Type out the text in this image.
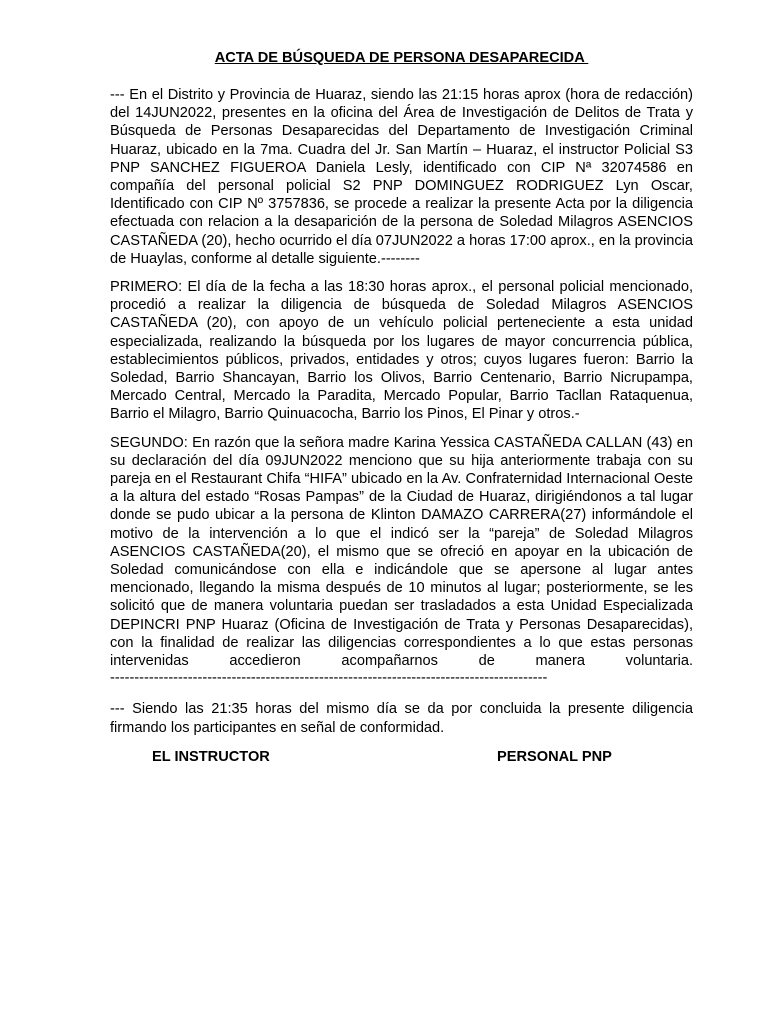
ACTA DE BÚSQUEDA DE PERSONA DESAPARECIDA

--- En el Distrito y Provincia de Huaraz, siendo las 21:15 horas aprox (hora de redacción) del 14JUN2022, presentes en la oficina del Área de Investigación de Delitos de Trata y Búsqueda de Personas Desaparecidas del Departamento de Investigación Criminal Huaraz, ubicado en la 7ma. Cuadra del Jr. San Martín – Huaraz, el instructor Policial S3 PNP SANCHEZ FIGUEROA Daniela Lesly, identificado con CIP Nª 32074586 en compañía del personal policial S2 PNP DOMINGUEZ RODRIGUEZ Lyn Oscar, Identificado con CIP Nº 3757836, se procede a realizar la presente Acta por la diligencia efectuada con relacion a la desaparición de la persona de Soledad Milagros ASENCIOS CASTAÑEDA (20), hecho ocurrido el día 07JUN2022 a horas 17:00 aprox., en la provincia de Huaylas, conforme al detalle siguiente.--------

PRIMERO: El día de la fecha a las 18:30 horas aprox., el personal policial mencionado, procedió a realizar la diligencia de búsqueda de Soledad Milagros ASENCIOS CASTAÑEDA (20), con apoyo de un vehículo policial perteneciente a esta unidad especializada, realizando la búsqueda por los lugares de mayor concurrencia pública, establecimientos públicos, privados, entidades y otros; cuyos lugares fueron: Barrio la Soledad, Barrio Shancayan, Barrio los Olivos, Barrio Centenario, Barrio Nicrupampa, Mercado Central, Mercado la Paradita, Mercado Popular, Barrio Tacllan Rataquenua, Barrio el Milagro, Barrio Quinuacocha, Barrio los Pinos, El Pinar y otros.-

SEGUNDO: En razón que la señora madre Karina Yessica CASTAÑEDA CALLAN (43) en su declaración del día 09JUN2022 menciono que su hija anteriormente trabaja con su pareja en el Restaurant Chifa “HIFA” ubicado en la Av. Confraternidad Internacional Oeste a la altura del estado “Rosas Pampas” de la Ciudad de Huaraz, dirigiéndonos a tal lugar donde se pudo ubicar a la persona de Klinton DAMAZO CARRERA(27) informándole el motivo de la intervención a lo que el indicó ser la “pareja” de Soledad Milagros ASENCIOS CASTAÑEDA(20), el mismo que se ofreció en apoyar en la ubicación de Soledad comunicándose con ella e indicándole que se apersone al lugar antes mencionado, llegando la misma después de 10 minutos al lugar; posteriormente, se les solicitó que de manera voluntaria puedan ser trasladados a esta Unidad Especializada DEPINCRI PNP Huaraz (Oficina de Investigación de Trata y Personas Desaparecidas), con la finalidad de realizar las diligencias correspondientes a lo que estas personas intervenidas accedieron acompañarnos de manera voluntaria.

------------------------------------------------------------------------------------------

--- Siendo las 21:35 horas del mismo día se da por concluida la presente diligencia firmando los participantes en señal de conformidad.

EL INSTRUCTOR	PERSONAL PNP
